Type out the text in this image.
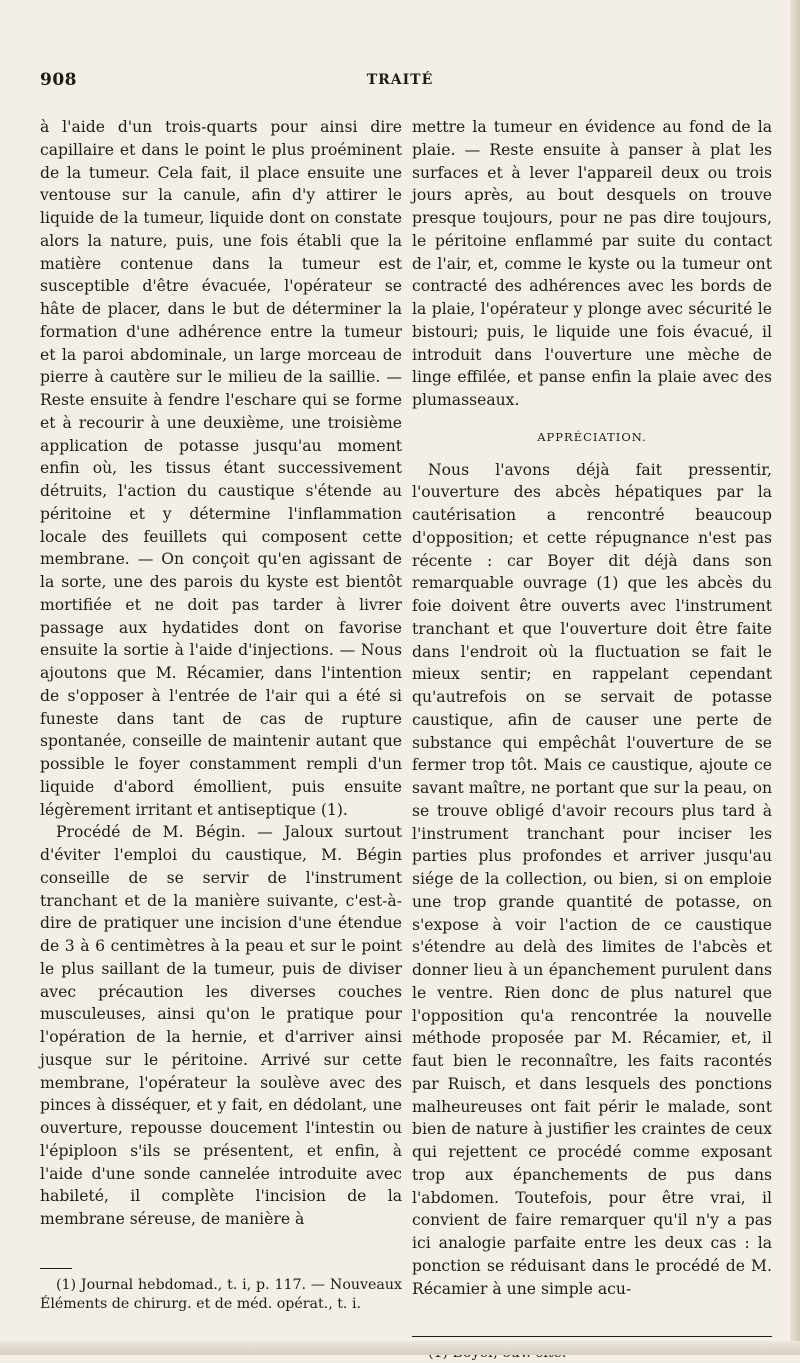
908	TRAITÉ

à l'aide d'un trois-quarts pour ainsi dire capillaire et dans le point le plus proéminent de la tumeur. Cela fait, il place ensuite une ventouse sur la canule, afin d'y attirer le liquide de la tumeur, liquide dont on constate alors la nature, puis, une fois établi que la matière contenue dans la tumeur est susceptible d'être évacuée, l'opérateur se hâte de placer, dans le but de déterminer la formation d'une adhérence entre la tumeur et la paroi abdominale, un large morceau de pierre à cautère sur le milieu de la saillie. — Reste ensuite à fendre l'eschare qui se forme et à recourir à une deuxième, une troisième application de potasse jusqu'au moment enfin où, les tissus étant successivement détruits, l'action du caustique s'étende au péritoine et y détermine l'inflammation locale des feuillets qui composent cette membrane. — On conçoit qu'en agissant de la sorte, une des parois du kyste est bientôt mortifiée et ne doit pas tarder à livrer passage aux hydatides dont on favorise ensuite la sortie à l'aide d'injections. — Nous ajoutons que M. Récamier, dans l'intention de s'opposer à l'entrée de l'air qui a été si funeste dans tant de cas de rupture spontanée, conseille de maintenir autant que possible le foyer constamment rempli d'un liquide d'abord émollient, puis ensuite légèrement irritant et antiseptique (1).

Procédé de M. Bégin. — Jaloux surtout d'éviter l'emploi du caustique, M. Bégin conseille de se servir de l'instrument tranchant et de la manière suivante, c'est-à-dire de pratiquer une incision d'une étendue de 3 à 6 centimètres à la peau et sur le point le plus saillant de la tumeur, puis de diviser avec précaution les diverses couches musculeuses, ainsi qu'on le pratique pour l'opération de la hernie, et d'arriver ainsi jusque sur le péritoine. Arrivé sur cette membrane, l'opérateur la soulève avec des pinces à disséquer, et y fait, en dédolant, une ouverture, repousse doucement l'intestin ou l'épiploon s'ils se présentent, et enfin, à l'aide d'une sonde cannelée introduite avec habileté, il complète l'incision de la membrane séreuse, de manière à

mettre la tumeur en évidence au fond de la plaie. — Reste ensuite à panser à plat les surfaces et à lever l'appareil deux ou trois jours après, au bout desquels on trouve presque toujours, pour ne pas dire toujours, le péritoine enflammé par suite du contact de l'air, et, comme le kyste ou la tumeur ont contracté des adhérences avec les bords de la plaie, l'opérateur y plonge avec sécurité le bistouri; puis, le liquide une fois évacué, il introduit dans l'ouverture une mèche de linge effilée, et panse enfin la plaie avec des plumasseaux.

APPRÉCIATION.

Nous l'avons déjà fait pressentir, l'ouverture des abcès hépatiques par la cautérisation a rencontré beaucoup d'opposition; et cette répugnance n'est pas récente : car Boyer dit déjà dans son remarquable ouvrage (1) que les abcès du foie doivent être ouverts avec l'instrument tranchant et que l'ouverture doit être faite dans l'endroit où la fluctuation se fait le mieux sentir; en rappelant cependant qu'autrefois on se servait de potasse caustique, afin de causer une perte de substance qui empêchât l'ouverture de se fermer trop tôt. Mais ce caustique, ajoute ce savant maître, ne portant que sur la peau, on se trouve obligé d'avoir recours plus tard à l'instrument tranchant pour inciser les parties plus profondes et arriver jusqu'au siége de la collection, ou bien, si on emploie une trop grande quantité de potasse, on s'expose à voir l'action de ce caustique s'étendre au delà des limites de l'abcès et donner lieu à un épanchement purulent dans le ventre. Rien donc de plus naturel que l'opposition qu'a rencontrée la nouvelle méthode proposée par M. Récamier, et, il faut bien le reconnaître, les faits racontés par Ruisch, et dans lesquels des ponctions malheureuses ont fait périr le malade, sont bien de nature à justifier les craintes de ceux qui rejettent ce procédé comme exposant trop aux épanchements de pus dans l'abdomen. Toutefois, pour être vrai, il convient de faire remarquer qu'il n'y a pas ici analogie parfaite entre les deux cas : la ponction se réduisant dans le procédé de M. Récamier à une simple acu-

(1) Journal hebdomad., t. i, p. 117. — Nouveaux Éléments de chirurg. et de méd. opérat., t. i.
